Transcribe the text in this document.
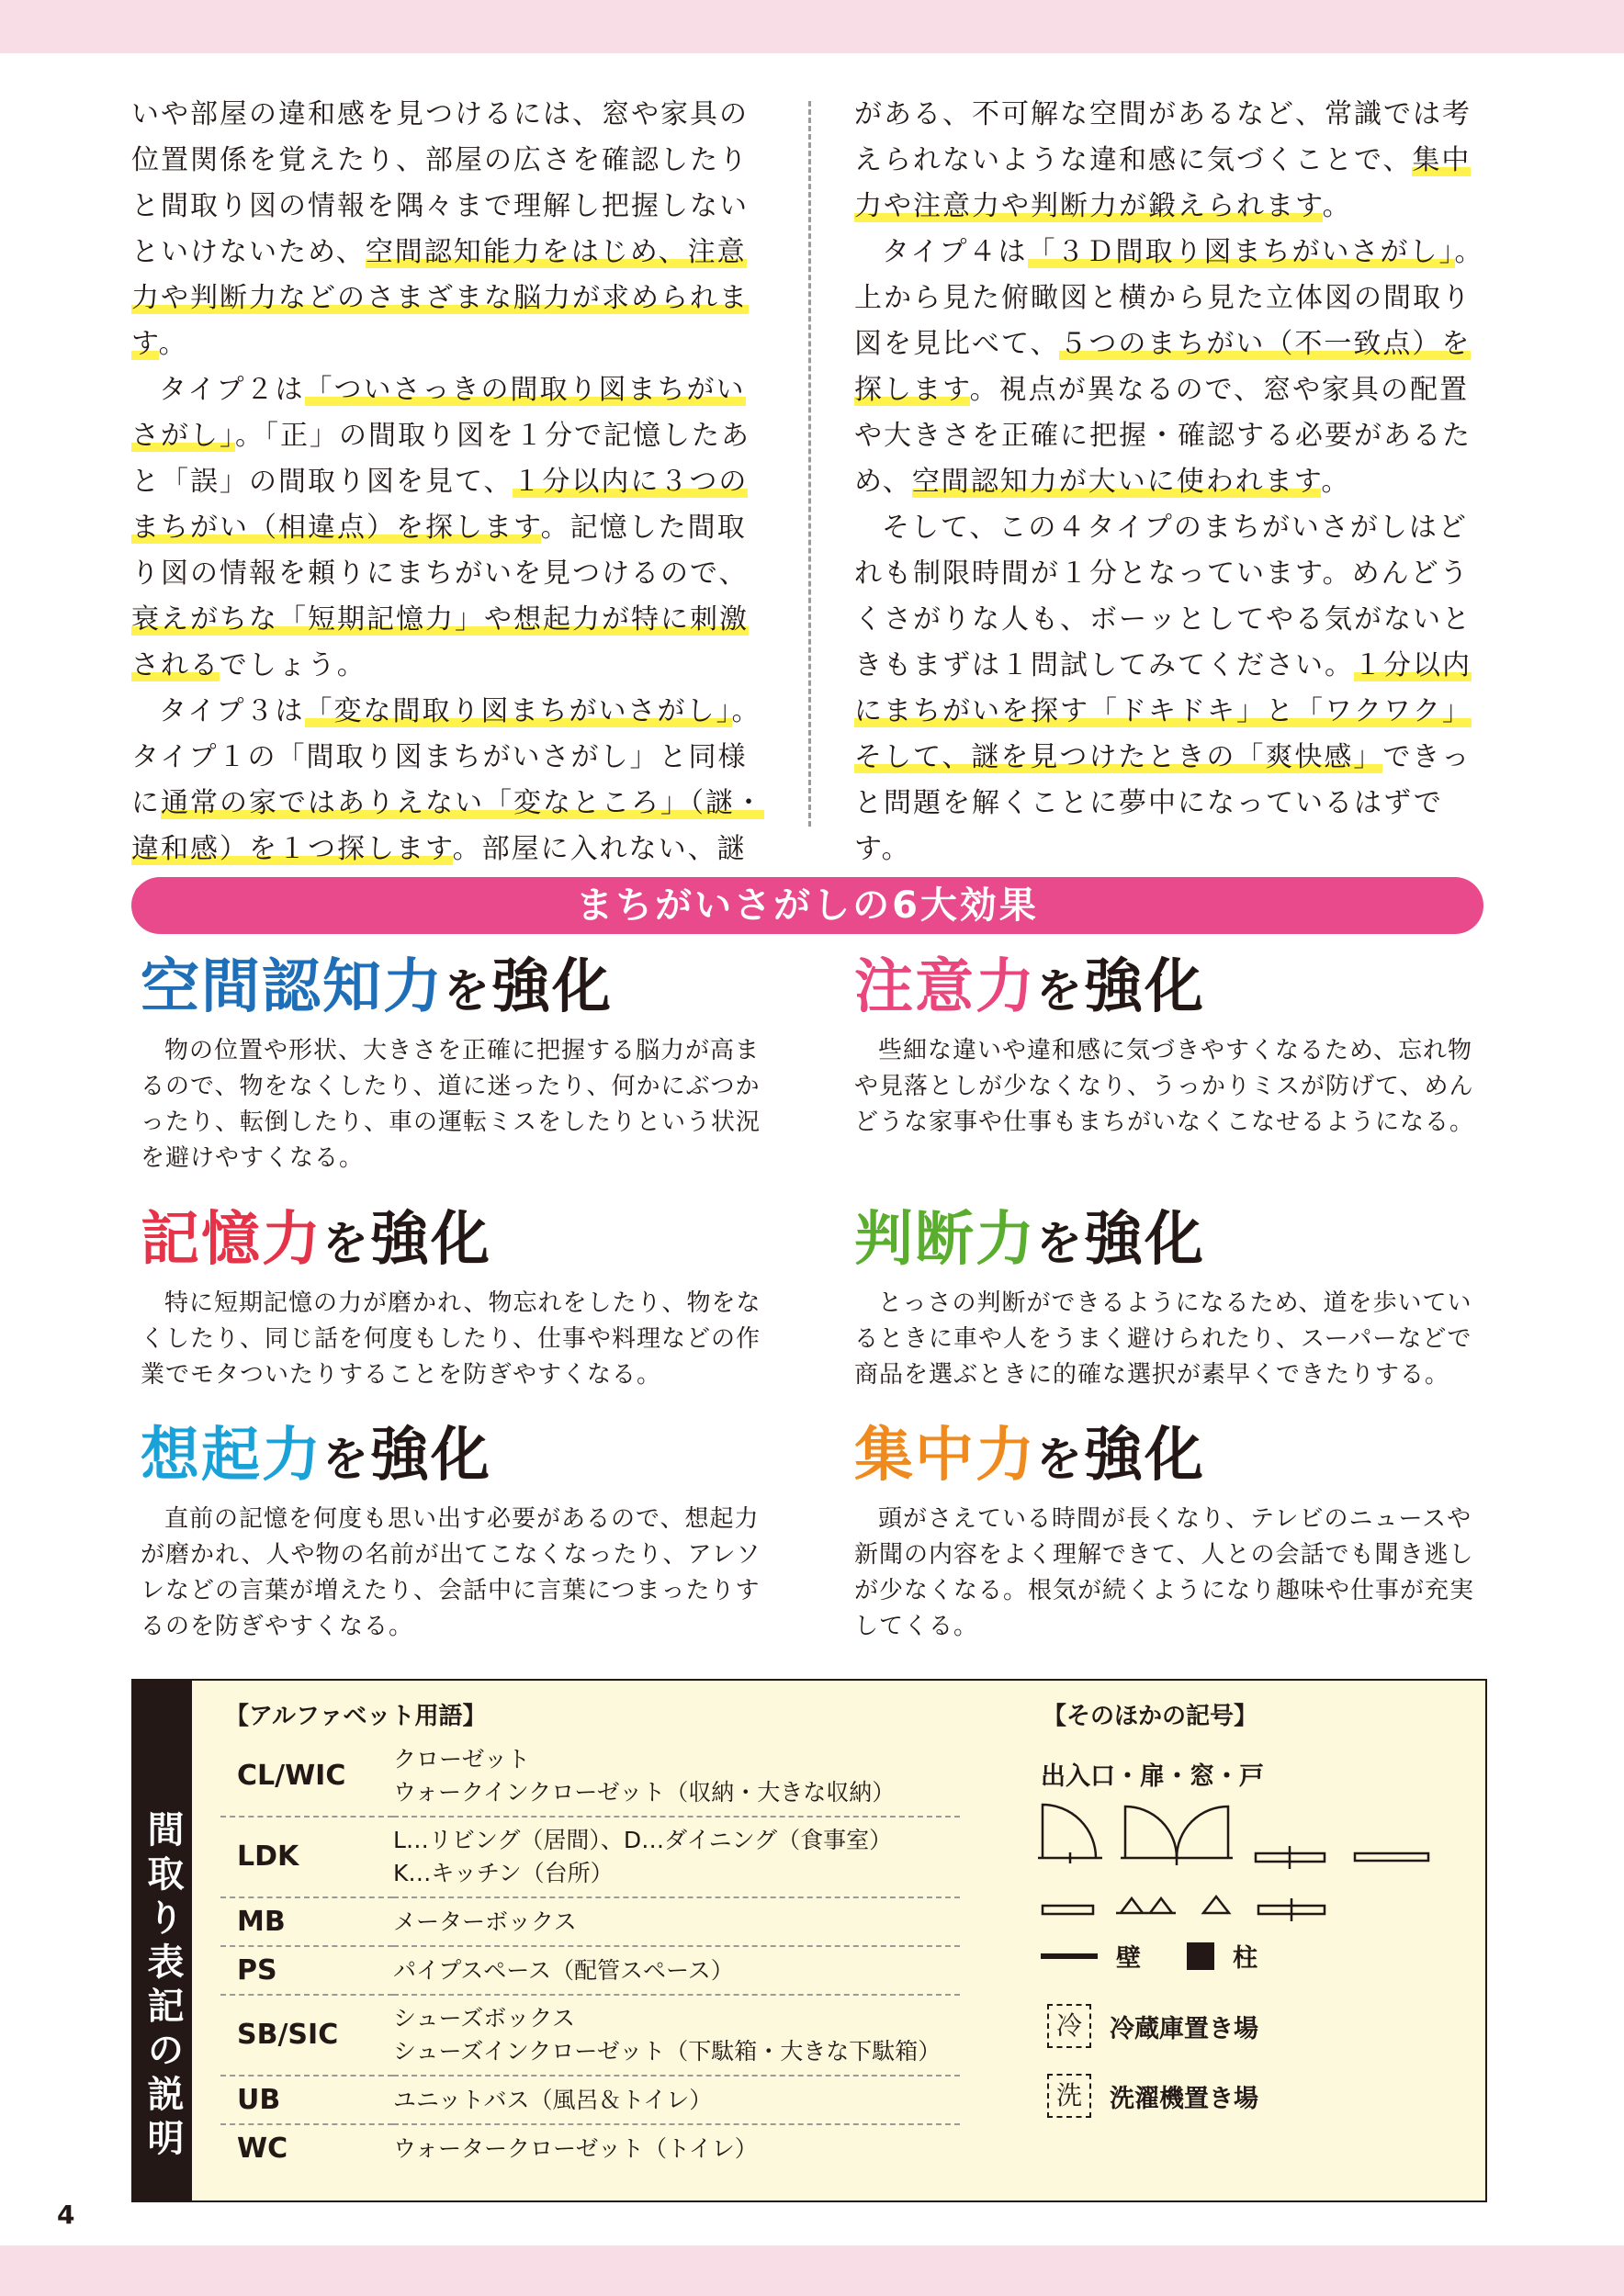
いや部屋の違和感を見つけるには、窓や家具の位置関係を覚えたり、部屋の広さを確認したりと間取り図の情報を隅々まで理解し把握しないといけないため、空間認知能力をはじめ、注意力や判断力などのさまざまな脳力が求められます。

タイプ２は「ついさっきの間取り図まちがいさがし」。「正」の間取り図を１分で記憶したあと「誤」の間取り図を見て、１分以内に３つのまちがい（相違点）を探します。記憶した間取り図の情報を頼りにまちがいを見つけるので、衰えがちな「短期記憶力」や想起力が特に刺激されるでしょう。

タイプ３は「変な間取り図まちがいさがし」。タイプ１の「間取り図まちがいさがし」と同様に通常の家ではありえない「変なところ」（謎・違和感）を１つ探します。部屋に入れない、謎

がある、不可解な空間があるなど、常識では考えられないような違和感に気づくことで、集中力や注意力や判断力が鍛えられます。

タイプ４は「３Ｄ間取り図まちがいさがし」。上から見た俯瞰図と横から見た立体図の間取り図を見比べて、５つのまちがい（不一致点）を探します。視点が異なるので、窓や家具の配置や大きさを正確に把握・確認する必要があるため、空間認知力が大いに使われます。

そして、この４タイプのまちがいさがしはどれも制限時間が１分となっています。めんどうくさがりな人も、ボーッとしてやる気がないときもまずは１問試してみてください。１分以内にまちがいを探す「ドキドキ」と「ワクワク」そして、謎を見つけたときの「爽快感」できっと問題を解くことに夢中になっているはずです。

まちがいさがしの6大効果
空間認知力を強化

物の位置や形状、大きさを正確に把握する脳力が高まるので、物をなくしたり、道に迷ったり、何かにぶつかったり、転倒したり、車の運転ミスをしたりという状況を避けやすくなる。

注意力を強化

些細な違いや違和感に気づきやすくなるため、忘れ物や見落としが少なくなり、うっかりミスが防げて、めんどうな家事や仕事もまちがいなくこなせるようになる。

記憶力を強化

特に短期記憶の力が磨かれ、物忘れをしたり、物をなくしたり、同じ話を何度もしたり、仕事や料理などの作業でモタついたりすることを防ぎやすくなる。

判断力を強化

とっさの判断ができるようになるため、道を歩いているときに車や人をうまく避けられたり、スーパーなどで商品を選ぶときに的確な選択が素早くできたりする。

想起力を強化

直前の記憶を何度も思い出す必要があるので、想起力が磨かれ、人や物の名前が出てこなくなったり、アレソレなどの言葉が増えたり、会話中に言葉につまったりするのを防ぎやすくなる。

集中力を強化

頭がさえている時間が長くなり、テレビのニュースや新聞の内容をよく理解できて、人との会話でも聞き逃しが少なくなる。根気が続くようになり趣味や仕事が充実してくる。

間取り表記の説明
【アルファベット用語】
CL/WIC	クローゼット
ウォークインクローゼット（収納・大きな収納）

LDK	L…リビング（居間）、D…ダイニング（食事室）
K…キッチン（台所）

MB	メーターボックス

PS	パイプスペース（配管スペース）

SB/SIC	シューズボックス
シューズインクローゼット（下駄箱・大きな下駄箱）

UB	ユニットバス（風呂＆トイレ）

WC	ウォータークローゼット（トイレ）
【そのほかの記号】
出入口・扉・窓・戸
壁	柱
冷	冷蔵庫置き場
洗	洗濯機置き場
4
